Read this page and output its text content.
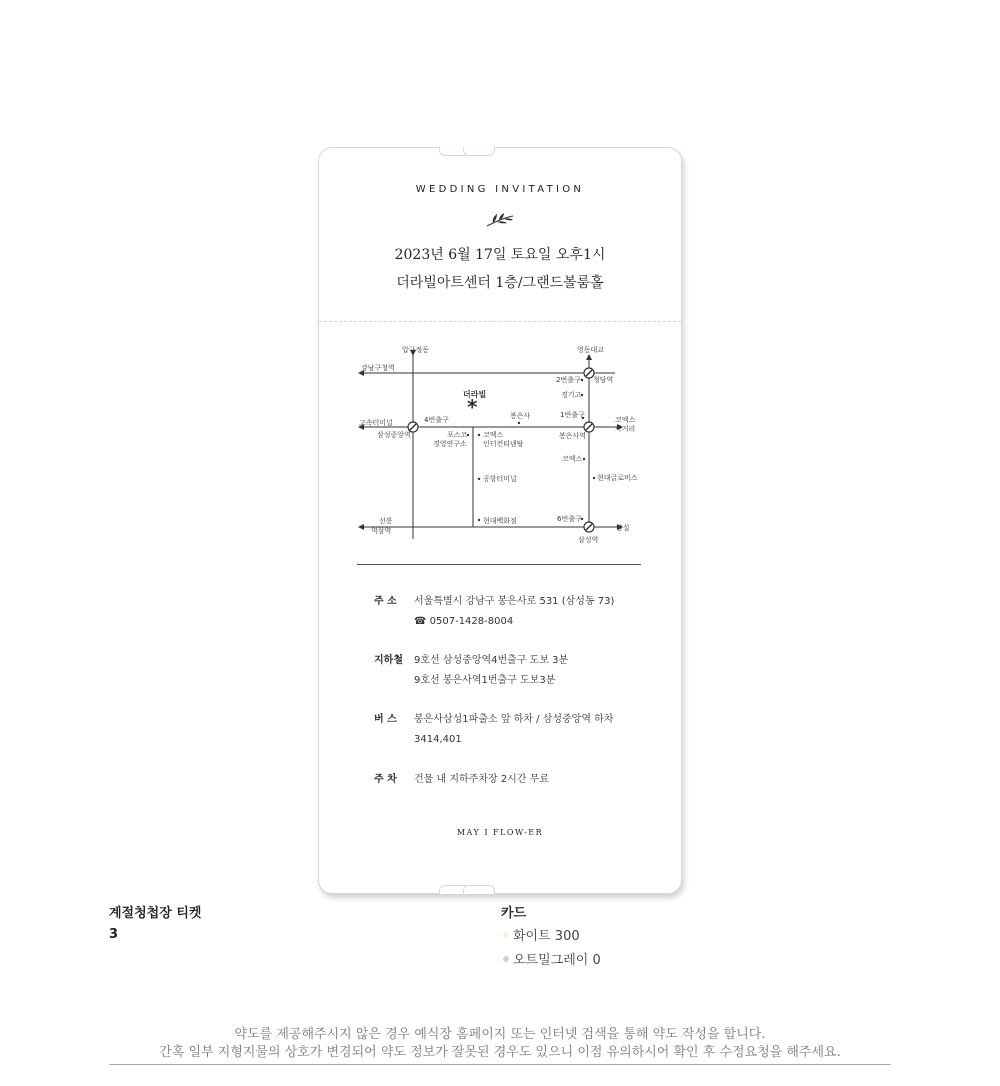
WEDDING INVITATION
2023년 6월 17일 토요일 오후1시
더라빌아트센터 1층/그랜드볼룸홀
*
압구정동	영동대교
강남구청역
2번출구 청담역
경기고
더라빌
봉은사	1번출구
고속터미널	4번출구	코엑스
사거리
삼성중앙역	포스코
경영연구소
코엑스
인터컨티넨탈
봉은사역
코엑스
현대글로비스
공항터미널
6번출구
선릉
역삼역
현대백화점
잠실
삼성역
주 소	서울특별시 강남구 봉은사로 531 (삼성동 73)
☎ 0507-1428-8004
지하철	9호선 삼성중앙역4번출구 도보 3분
9호선 봉은사역1번출구 도보3분
버 스	봉은사삼성1파출소 앞 하차 / 삼성중앙역 하차
3414,401
주 차	건물 내 지하주차장 2시간 무료
MAY I FLOW-ER
계절청첩장 티켓
3
카드
화이트 300
오트밀그레이 0
약도를 제공해주시지 않은 경우 예식장 홈페이지 또는 인터넷 검색을 통해 약도 작성을 합니다.
간혹 일부 지형지물의 상호가 변경되어 약도 정보가 잘못된 경우도 있으니 이점 유의하시어 확인 후 수정요청을 해주세요.
